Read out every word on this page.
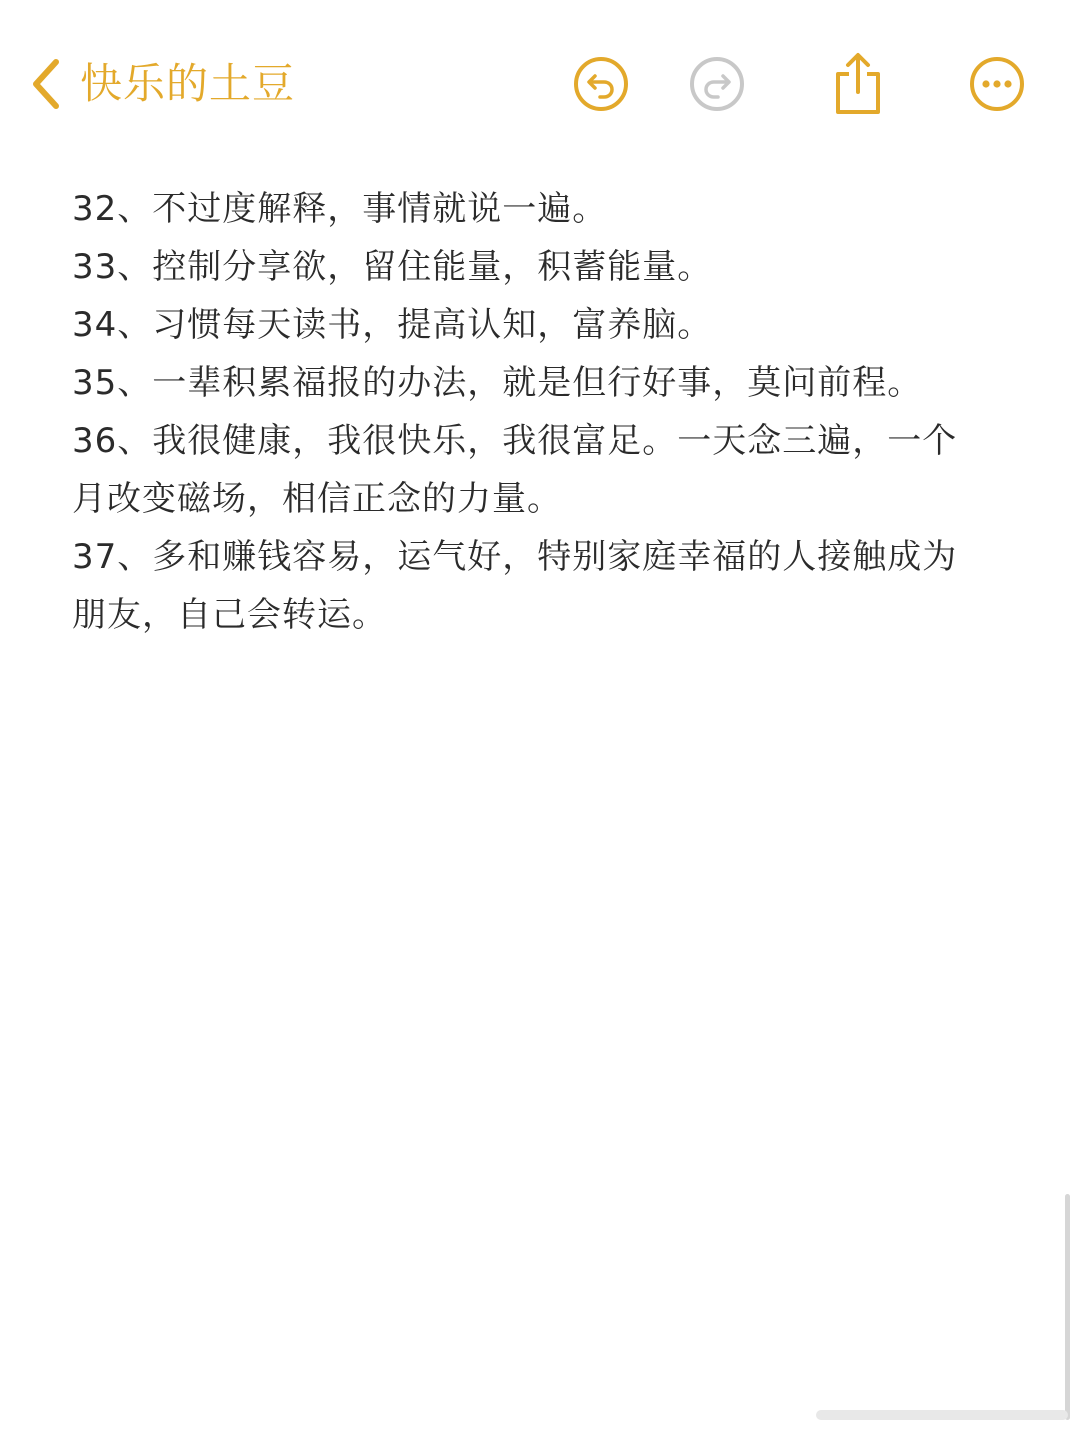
快乐的土豆

32、不过度解释，事情就说一遍。

33、控制分享欲，留住能量，积蓄能量。

34、习惯每天读书，提高认知，富养脑。

35、一辈积累福报的办法，就是但行好事，莫问前程。

36、我很健康，我很快乐，我很富足。一天念三遍，一个月改变磁场，相信正念的力量。

37、多和赚钱容易，运气好，特别家庭幸福的人接触成为朋友，自己会转运。
